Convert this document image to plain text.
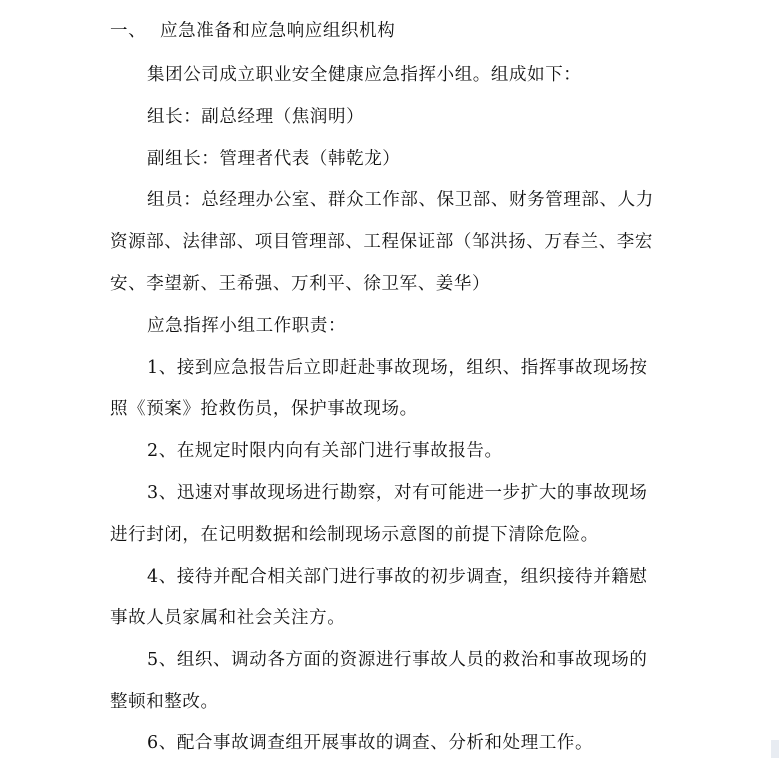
一、 应急准备和应急响应组织机构
集团公司成立职业安全健康应急指挥小组。组成如下：
组长：副总经理（焦润明）
副组长：管理者代表（韩乾龙）
组员：总经理办公室、群众工作部、保卫部、财务管理部、人力
资源部、法律部、项目管理部、工程保证部（邹洪扬、万春兰、李宏
安、李望新、王希强、万利平、徐卫军、姜华）
应急指挥小组工作职责：
1、接到应急报告后立即赶赴事故现场，组织、指挥事故现场按
照《预案》抢救伤员，保护事故现场。
2、在规定时限内向有关部门进行事故报告。
3、迅速对事故现场进行勘察，对有可能进一步扩大的事故现场
进行封闭，在记明数据和绘制现场示意图的前提下清除危险。
4、接待并配合相关部门进行事故的初步调查，组织接待并籍慰
事故人员家属和社会关注方。
5、组织、调动各方面的资源进行事故人员的救治和事故现场的
整顿和整改。
6、配合事故调查组开展事故的调查、分析和处理工作。
